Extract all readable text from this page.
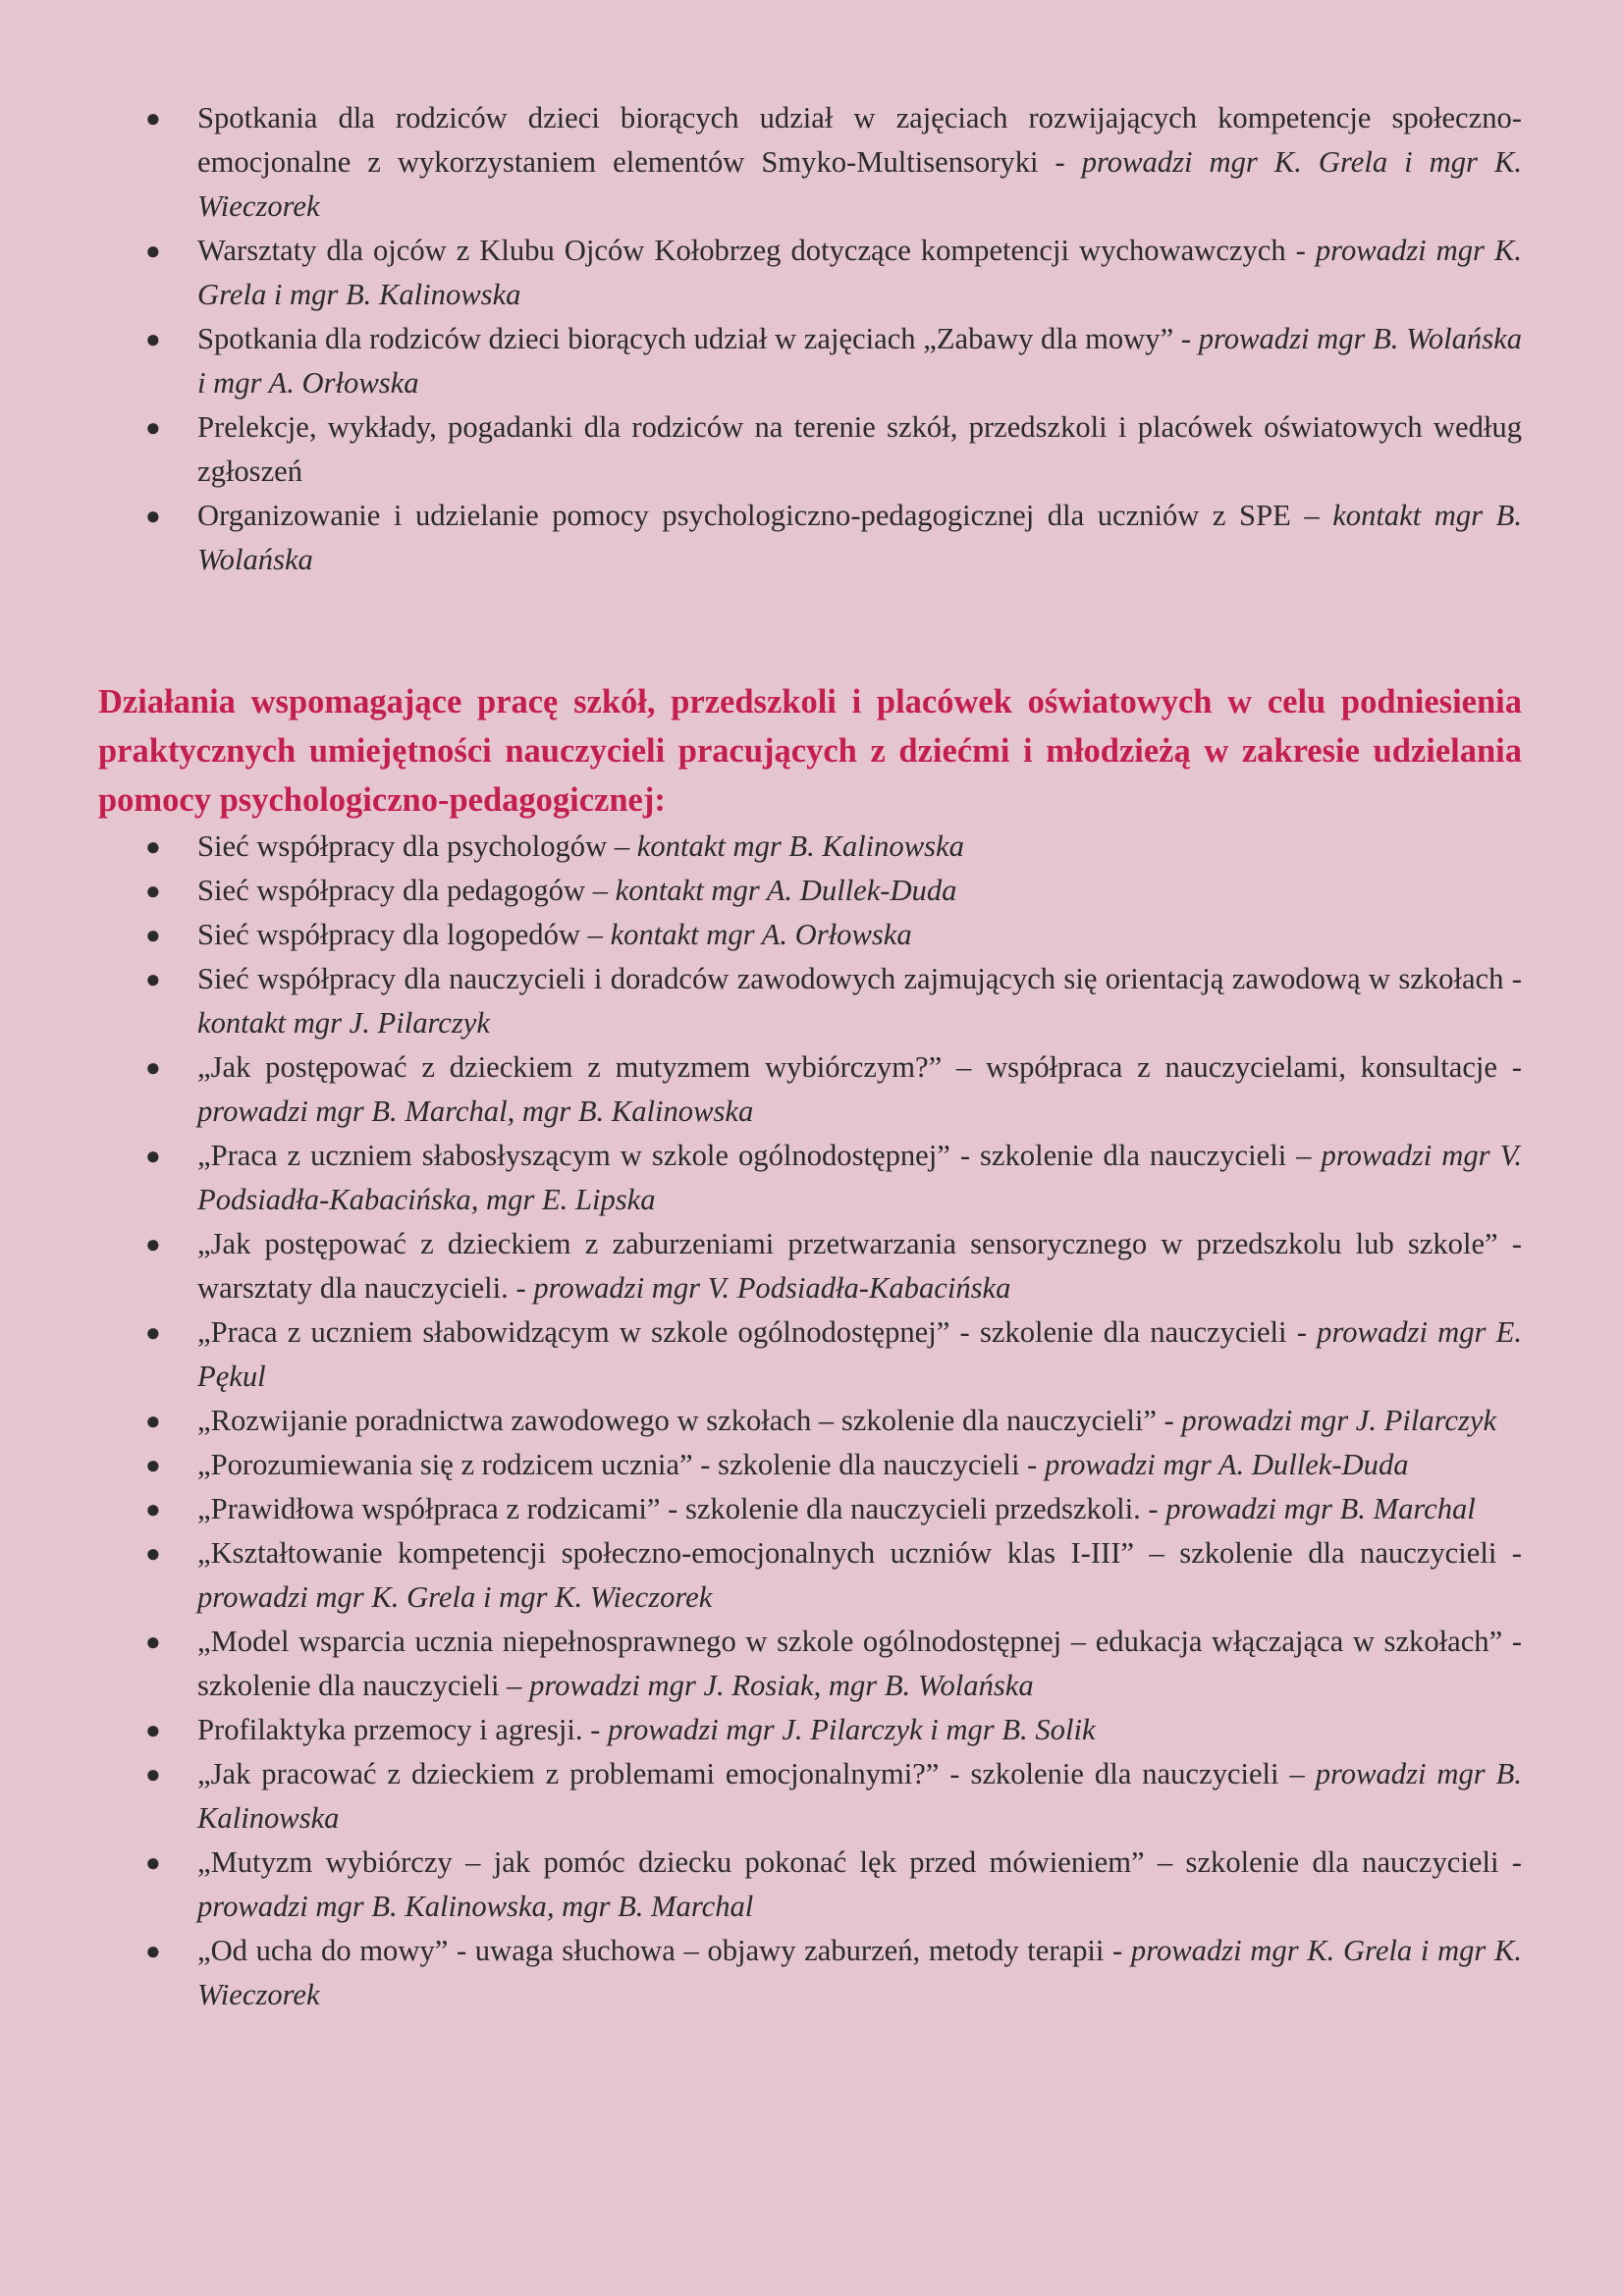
● Spotkania dla rodziców dzieci biorących udział w zajęciach rozwijających kompetencje społeczno-emocjonalne z wykorzystaniem elementów Smyko-Multisensoryki - prowadzi mgr K. Grela i mgr K. Wieczorek
● Warsztaty dla ojców z Klubu Ojców Kołobrzeg dotyczące kompetencji wychowawczych - prowadzi mgr K. Grela i mgr B. Kalinowska
● Spotkania dla rodziców dzieci biorących udział w zajęciach „Zabawy dla mowy” - prowadzi mgr B. Wolańska i mgr A. Orłowska
● Prelekcje, wykłady, pogadanki dla rodziców na terenie szkół, przedszkoli i placówek oświatowych według zgłoszeń
● Organizowanie i udzielanie pomocy psychologiczno-pedagogicznej dla uczniów z SPE – kontakt mgr B. Wolańska
Działania wspomagające pracę szkół, przedszkoli i placówek oświatowych w celu podniesienia praktycznych umiejętności nauczycieli pracujących z dziećmi i młodzieżą w zakresie udzielania pomocy psychologiczno-pedagogicznej:
● Sieć współpracy dla psychologów – kontakt mgr B. Kalinowska
● Sieć współpracy dla pedagogów – kontakt mgr A. Dullek-Duda
● Sieć współpracy dla logopedów – kontakt mgr A. Orłowska
● Sieć współpracy dla nauczycieli i doradców zawodowych zajmujących się orientacją zawodową w szkołach - kontakt mgr J. Pilarczyk
● „Jak postępować z dzieckiem z mutyzmem wybiórczym?” – współpraca z nauczycielami, konsultacje - prowadzi mgr B. Marchal, mgr B. Kalinowska
● „Praca z uczniem słabosłyszącym w szkole ogólnodostępnej” - szkolenie dla nauczycieli – prowadzi mgr V. Podsiadła-Kabacińska, mgr E. Lipska
● „Jak postępować z dzieckiem z zaburzeniami przetwarzania sensorycznego w przedszkolu lub szkole” - warsztaty dla nauczycieli. - prowadzi mgr V. Podsiadła-Kabacińska
● „Praca z uczniem słabowidzącym w szkole ogólnodostępnej” - szkolenie dla nauczycieli - prowadzi mgr E. Pękul
● „Rozwijanie poradnictwa zawodowego w szkołach – szkolenie dla nauczycieli” - prowadzi mgr J. Pilarczyk
● „Porozumiewania się z rodzicem ucznia” - szkolenie dla nauczycieli - prowadzi mgr A. Dullek-Duda
● „Prawidłowa współpraca z rodzicami” - szkolenie dla nauczycieli przedszkoli. - prowadzi mgr B. Marchal
● „Kształtowanie kompetencji społeczno-emocjonalnych uczniów klas I-III” – szkolenie dla nauczycieli - prowadzi mgr K. Grela i mgr K. Wieczorek
● „Model wsparcia ucznia niepełnosprawnego w szkole ogólnodostępnej – edukacja włączająca w szkołach” - szkolenie dla nauczycieli – prowadzi mgr J. Rosiak, mgr B. Wolańska
● Profilaktyka przemocy i agresji. - prowadzi mgr J. Pilarczyk i mgr B. Solik
● „Jak pracować z dzieckiem z problemami emocjonalnymi?” - szkolenie dla nauczycieli – prowadzi mgr B. Kalinowska
● „Mutyzm wybiórczy – jak pomóc dziecku pokonać lęk przed mówieniem” – szkolenie dla nauczycieli - prowadzi mgr B. Kalinowska, mgr B. Marchal
● „Od ucha do mowy” - uwaga słuchowa – objawy zaburzeń, metody terapii - prowadzi mgr K. Grela i mgr K. Wieczorek
